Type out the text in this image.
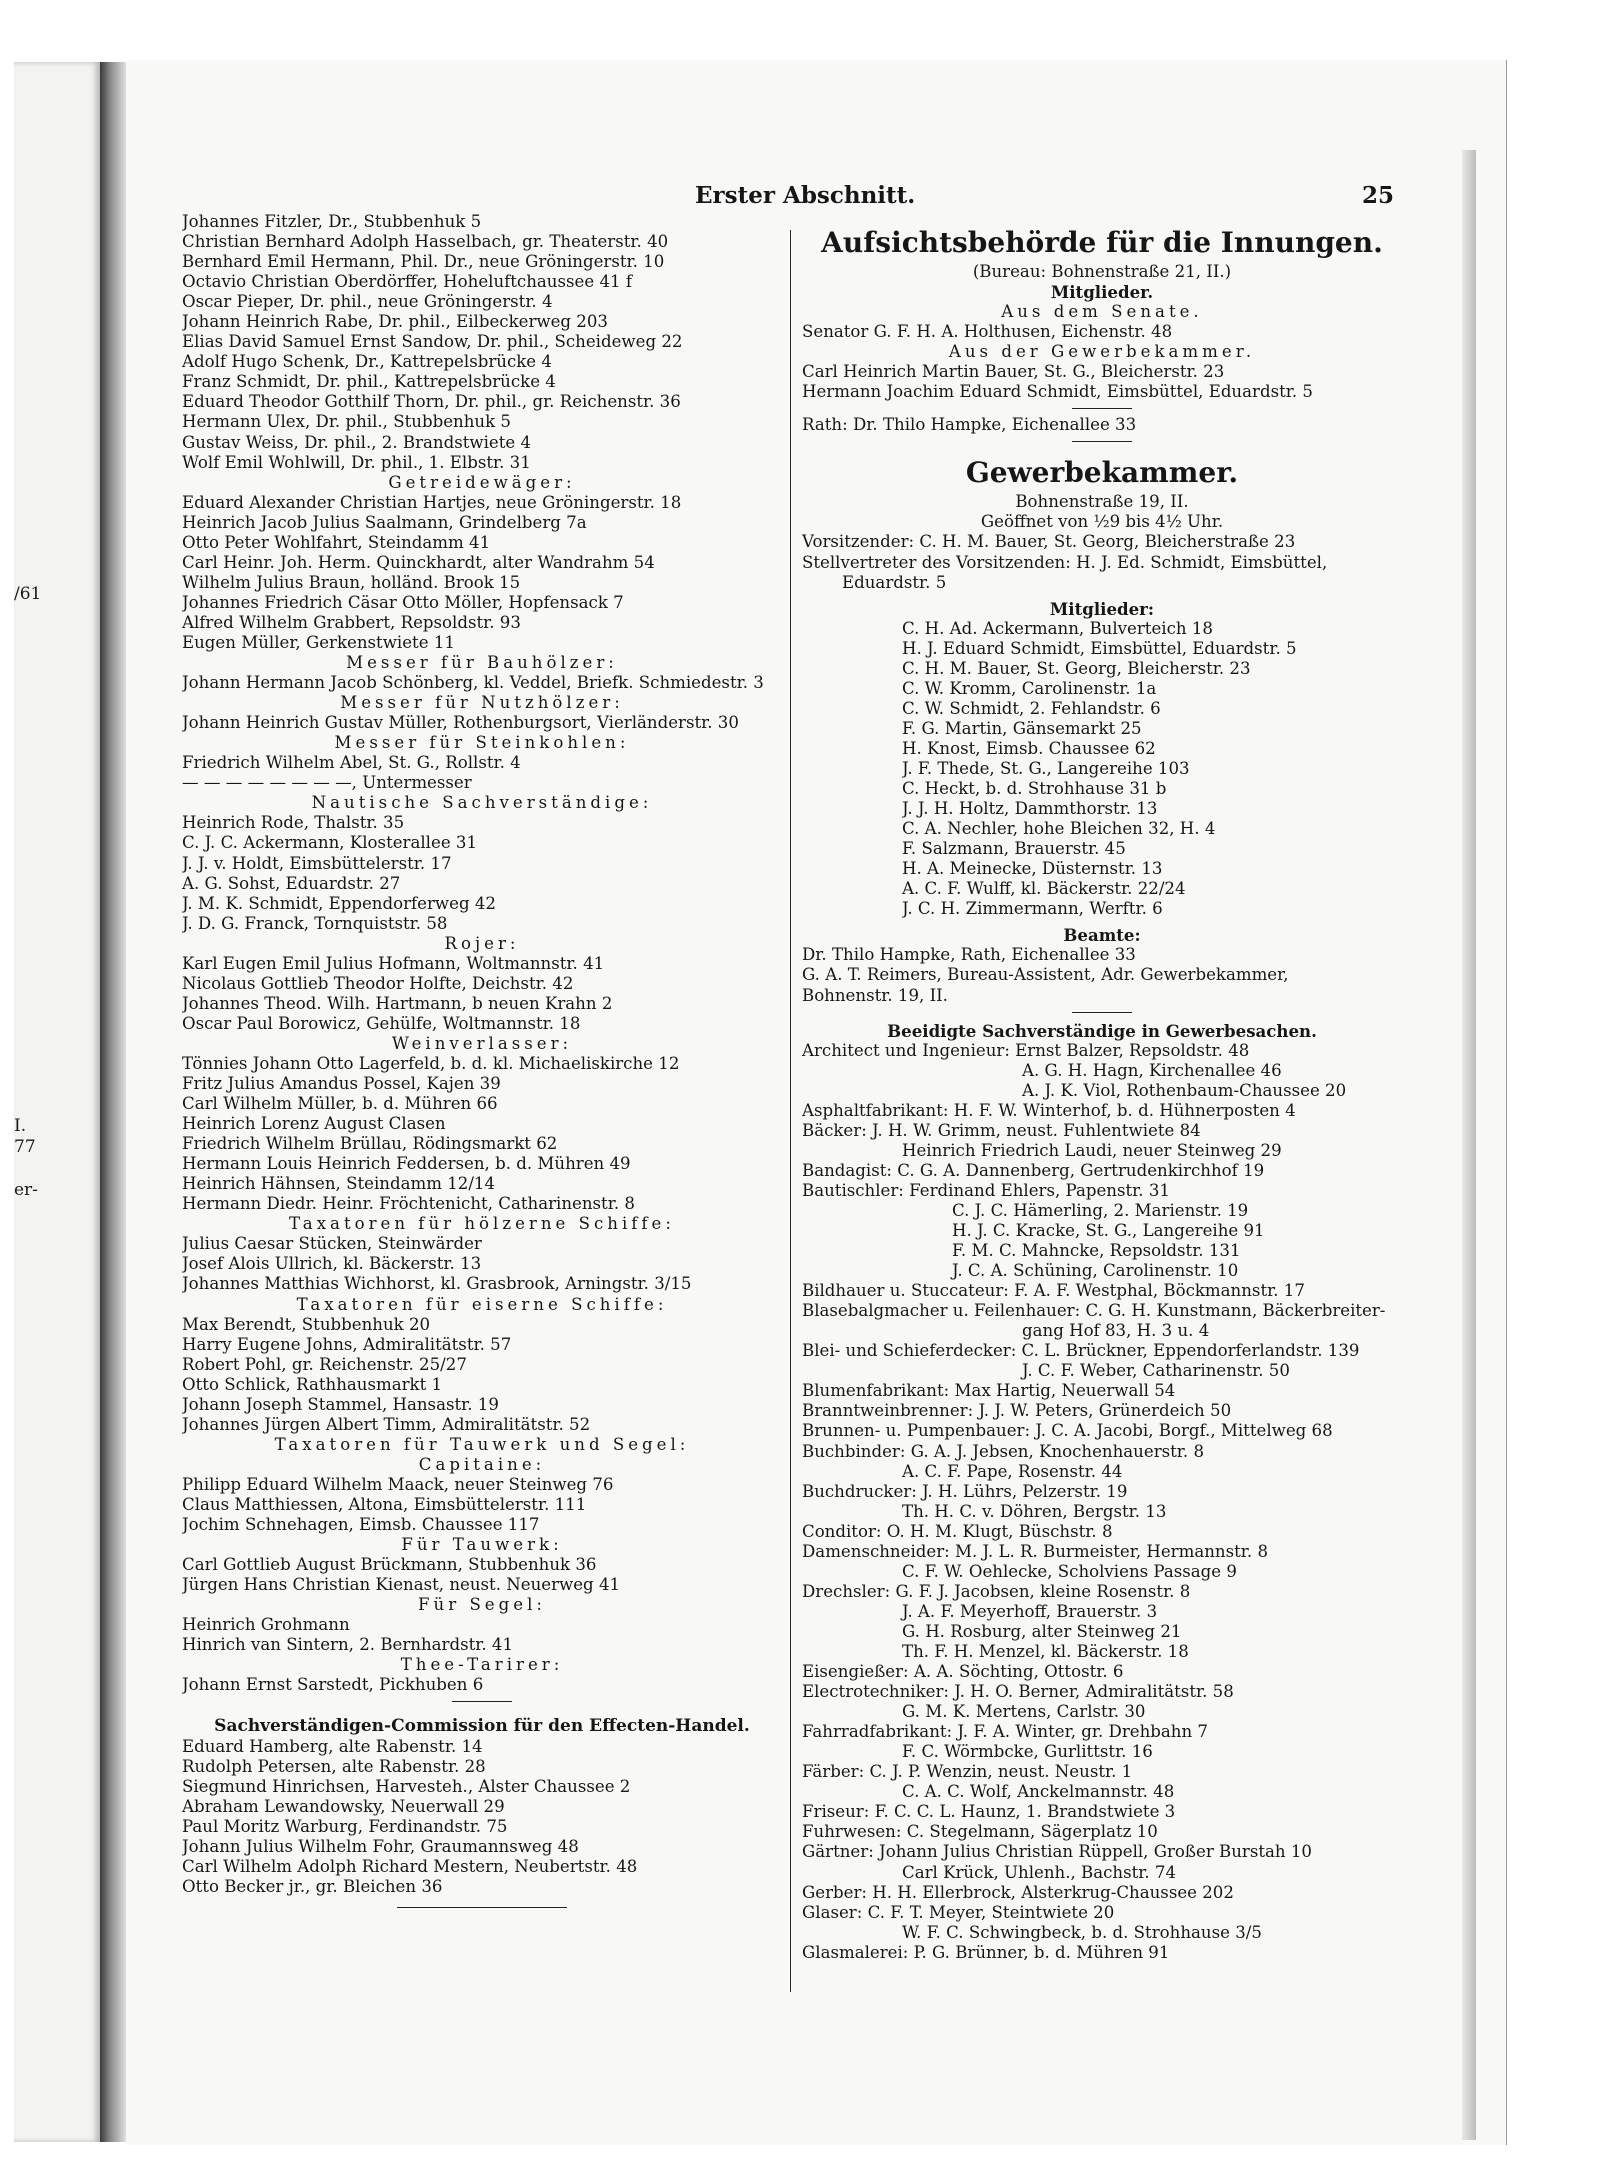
/61
I.
77
er-
Erster Abschnitt.	25
Johannes Fitzler, Dr., Stubbenhuk 5
Christian Bernhard Adolph Hasselbach, gr. Theaterstr. 40
Bernhard Emil Hermann, Phil. Dr., neue Gröningerstr. 10
Octavio Christian Oberdörffer, Hoheluftchaussee 41 f
Oscar Pieper, Dr. phil., neue Gröningerstr. 4
Johann Heinrich Rabe, Dr. phil., Eilbeckerweg 203
Elias David Samuel Ernst Sandow, Dr. phil., Scheideweg 22
Adolf Hugo Schenk, Dr., Kattrepelsbrücke 4
Franz Schmidt, Dr. phil., Kattrepelsbrücke 4
Eduard Theodor Gotthilf Thorn, Dr. phil., gr. Reichenstr. 36
Hermann Ulex, Dr. phil., Stubbenhuk 5
Gustav Weiss, Dr. phil., 2. Brandstwiete 4
Wolf Emil Wohlwill, Dr. phil., 1. Elbstr. 31
Getreidewäger:
Eduard Alexander Christian Hartjes, neue Gröningerstr. 18
Heinrich Jacob Julius Saalmann, Grindelberg 7a
Otto Peter Wohlfahrt, Steindamm 41
Carl Heinr. Joh. Herm. Quinckhardt, alter Wandrahm 54
Wilhelm Julius Braun, holländ. Brook 15
Johannes Friedrich Cäsar Otto Möller, Hopfensack 7
Alfred Wilhelm Grabbert, Repsoldstr. 93
Eugen Müller, Gerkenstwiete 11
Messer für Bauhölzer:
Johann Hermann Jacob Schönberg, kl. Veddel, Briefk. Schmiedestr. 3
Messer für Nutzhölzer:
Johann Heinrich Gustav Müller, Rothenburgsort, Vierländerstr. 30
Messer für Steinkohlen:
Friedrich Wilhelm Abel, St. G., Rollstr. 4
— — — — — — — —, Untermesser
Nautische Sachverständige:
Heinrich Rode, Thalstr. 35
C. J. C. Ackermann, Klosterallee 31
J. J. v. Holdt, Eimsbüttelerstr. 17
A. G. Sohst, Eduardstr. 27
J. M. K. Schmidt, Eppendorferweg 42
J. D. G. Franck, Tornquiststr. 58
Rojer:
Karl Eugen Emil Julius Hofmann, Woltmannstr. 41
Nicolaus Gottlieb Theodor Holfte, Deichstr. 42
Johannes Theod. Wilh. Hartmann, b neuen Krahn 2
Oscar Paul Borowicz, Gehülfe, Woltmannstr. 18
Weinverlasser:
Tönnies Johann Otto Lagerfeld, b. d. kl. Michaeliskirche 12
Fritz Julius Amandus Possel, Kajen 39
Carl Wilhelm Müller, b. d. Mühren 66
Heinrich Lorenz August Clasen
Friedrich Wilhelm Brüllau, Rödingsmarkt 62
Hermann Louis Heinrich Feddersen, b. d. Mühren 49
Heinrich Hähnsen, Steindamm 12/14
Hermann Diedr. Heinr. Fröchtenicht, Catharinenstr. 8
Taxatoren für hölzerne Schiffe:
Julius Caesar Stücken, Steinwärder
Josef Alois Ullrich, kl. Bäckerstr. 13
Johannes Matthias Wichhorst, kl. Grasbrook, Arningstr. 3/15
Taxatoren für eiserne Schiffe:
Max Berendt, Stubbenhuk 20
Harry Eugene Johns, Admiralitätstr. 57
Robert Pohl, gr. Reichenstr. 25/27
Otto Schlick, Rathhausmarkt 1
Johann Joseph Stammel, Hansastr. 19
Johannes Jürgen Albert Timm, Admiralitätstr. 52
Taxatoren für Tauwerk und Segel:
Capitaine:
Philipp Eduard Wilhelm Maack, neuer Steinweg 76
Claus Matthiessen, Altona, Eimsbüttelerstr. 111
Jochim Schnehagen, Eimsb. Chaussee 117
Für Tauwerk:
Carl Gottlieb August Brückmann, Stubbenhuk 36
Jürgen Hans Christian Kienast, neust. Neuerweg 41
Für Segel:
Heinrich Grohmann
Hinrich van Sintern, 2. Bernhardstr. 41
Thee-Tarirer:
Johann Ernst Sarstedt, Pickhuben 6
Sachverständigen-Commission für den Effecten-Handel.
Eduard Hamberg, alte Rabenstr. 14
Rudolph Petersen, alte Rabenstr. 28
Siegmund Hinrichsen, Harvestеh., Alster Chaussee 2
Abraham Lewandowsky, Neuerwall 29
Paul Moritz Warburg, Ferdinandstr. 75
Johann Julius Wilhelm Fohr, Graumannsweg 48
Carl Wilhelm Adolph Richard Mestern, Neubertstr. 48
Otto Becker jr., gr. Bleichen 36
Aufsichtsbehörde für die Innungen.
(Bureau: Bohnenstraße 21, II.)
Mitglieder.
Aus dem Senate.
Senator G. F. H. A. Holthusen, Eichenstr. 48
Aus der Gewerbekammer.
Carl Heinrich Martin Bauer, St. G., Bleicherstr. 23
Hermann Joachim Eduard Schmidt, Eimsbüttel, Eduardstr. 5
Rath: Dr. Thilo Hampke, Eichenallee 33
Gewerbekammer.
Bohnenstraße 19, II.
Geöffnet von ½9 bis 4½ Uhr.
Vorsitzender: C. H. M. Bauer, St. Georg, Bleicherstraße 23
Stellvertreter des Vorsitzenden: H. J. Ed. Schmidt, Eimsbüttel,
Eduardstr. 5
Mitglieder:
C. H. Ad. Ackermann, Bulverteich 18
H. J. Eduard Schmidt, Eimsbüttel, Eduardstr. 5
C. H. M. Bauer, St. Georg, Bleicherstr. 23
C. W. Kromm, Carolinenstr. 1a
C. W. Schmidt, 2. Fehlandstr. 6
F. G. Martin, Gänsemarkt 25
H. Knost, Eimsb. Chaussee 62
J. F. Thede, St. G., Langereihe 103
C. Heckt, b. d. Strohhause 31 b
J. J. H. Holtz, Dammthorstr. 13
C. A. Nechler, hohe Bleichen 32, H. 4
F. Salzmann, Brauerstr. 45
H. A. Meinecke, Düsternstr. 13
A. C. F. Wulff, kl. Bäckerstr. 22/24
J. C. H. Zimmermann, Werftr. 6
Beamte:
Dr. Thilo Hampke, Rath, Eichenallee 33
G. A. T. Reimers, Bureau-Assistent, Adr. Gewerbekammer,
Bohnenstr. 19, II.
Beeidigte Sachverständige in Gewerbesachen.
Architect und Ingenieur: Ernst Balzer, Repsoldstr. 48
A. G. H. Hagn, Kirchenallee 46
A. J. K. Viol, Rothenbaum-Chaussee 20
Asphaltfabrikant: H. F. W. Winterhof, b. d. Hühnerposten 4
Bäcker: J. H. W. Grimm, neust. Fuhlentwiete 84
Heinrich Friedrich Laudi, neuer Steinweg 29
Bandagist: C. G. A. Dannenberg, Gertrudenkirchhof 19
Bautischler: Ferdinand Ehlers, Papenstr. 31
C. J. C. Hämerling, 2. Marienstr. 19
H. J. C. Kracke, St. G., Langereihe 91
F. M. C. Mahncke, Repsoldstr. 131
J. C. A. Schüning, Carolinenstr. 10
Bildhauer u. Stuccateur: F. A. F. Westphal, Böckmannstr. 17
Blasebalgmacher u. Feilenhauer: C. G. H. Kunstmann, Bäckerbreiter-
gang Hof 83, H. 3 u. 4
Blei- und Schieferdecker: C. L. Brückner, Eppendorferlandstr. 139
J. C. F. Weber, Catharinenstr. 50
Blumenfabrikant: Max Hartig, Neuerwall 54
Branntweinbrenner: J. J. W. Peters, Grünerdeich 50
Brunnen- u. Pumpenbauer: J. C. A. Jacobi, Borgf., Mittelweg 68
Buchbinder: G. A. J. Jebsen, Knochenhauerstr. 8
A. C. F. Pape, Rosenstr. 44
Buchdrucker: J. H. Lührs, Pelzerstr. 19
Th. H. C. v. Döhren, Bergstr. 13
Conditor: O. H. M. Klugt, Büschstr. 8
Damenschneider: M. J. L. R. Burmeister, Hermannstr. 8
C. F. W. Oehlecke, Scholviens Passage 9
Drechsler: G. F. J. Jacobsen, kleine Rosenstr. 8
J. A. F. Meyerhoff, Brauerstr. 3
G. H. Rosburg, alter Steinweg 21
Th. F. H. Menzel, kl. Bäckerstr. 18
Eisengießer: A. A. Söchting, Ottostr. 6
Electrotechniker: J. H. O. Berner, Admiralitätstr. 58
G. M. K. Mertens, Carlstr. 30
Fahrradfabrikant: J. F. A. Winter, gr. Drehbahn 7
F. C. Wörmbcke, Gurlittstr. 16
Färber: C. J. P. Wenzin, neust. Neustr. 1
C. A. C. Wolf, Anckelmannstr. 48
Friseur: F. C. C. L. Haunz, 1. Brandstwiete 3
Fuhrwesen: C. Stegelmann, Sägerplatz 10
Gärtner: Johann Julius Christian Rüppell, Großer Burstah 10
Carl Krück, Uhlenh., Bachstr. 74
Gerber: H. H. Ellerbrock, Alsterkrug-Chaussee 202
Glaser: C. F. T. Meyer, Steintwiete 20
W. F. C. Schwingbeck, b. d. Strohhause 3/5
Glasmalerei: P. G. Brünner, b. d. Mühren 91
